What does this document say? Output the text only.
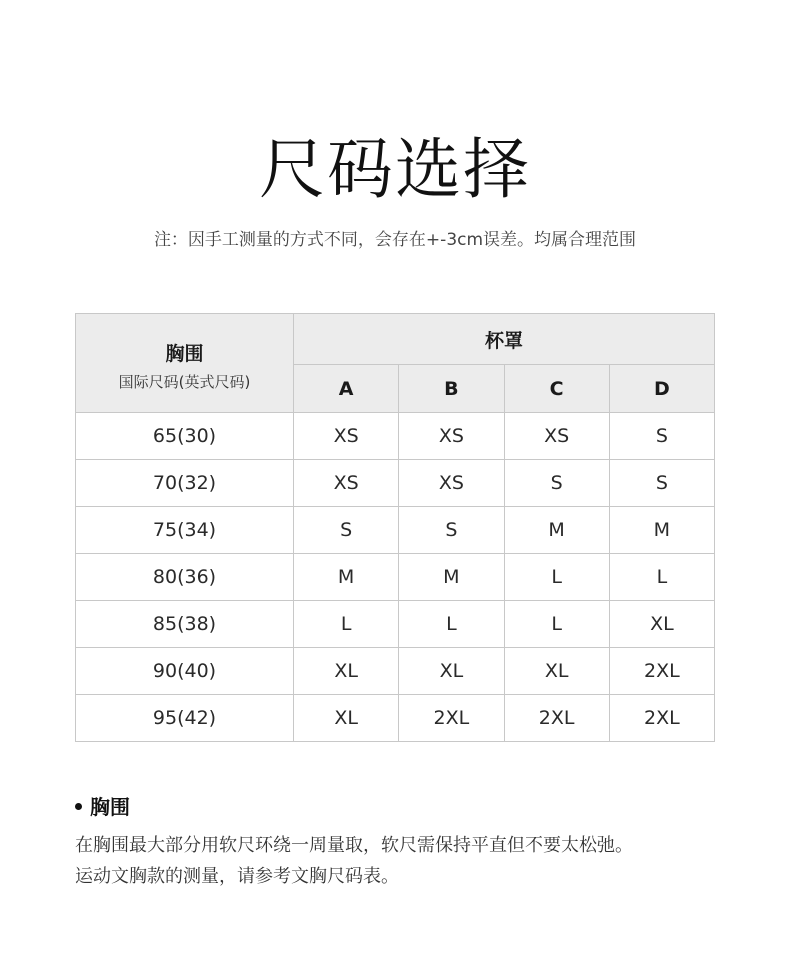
尺码选择
注：因手工测量的方式不同，会存在+-3cm误差。均属合理范围
胸围
国际尺码(英式尺码)	杯罩			
	A	B	C	D
65(30)	XS	XS	XS	S
70(32)	XS	XS	S	S
75(34)	S	S	M	M
80(36)	M	M	L	L
85(38)	L	L	L	XL
90(40)	XL	XL	XL	2XL
95(42)	XL	2XL	2XL	2XL
胸围
在胸围最大部分用软尺环绕一周量取，软尺需保持平直但不要太松弛。
运动文胸款的测量，请参考文胸尺码表。
